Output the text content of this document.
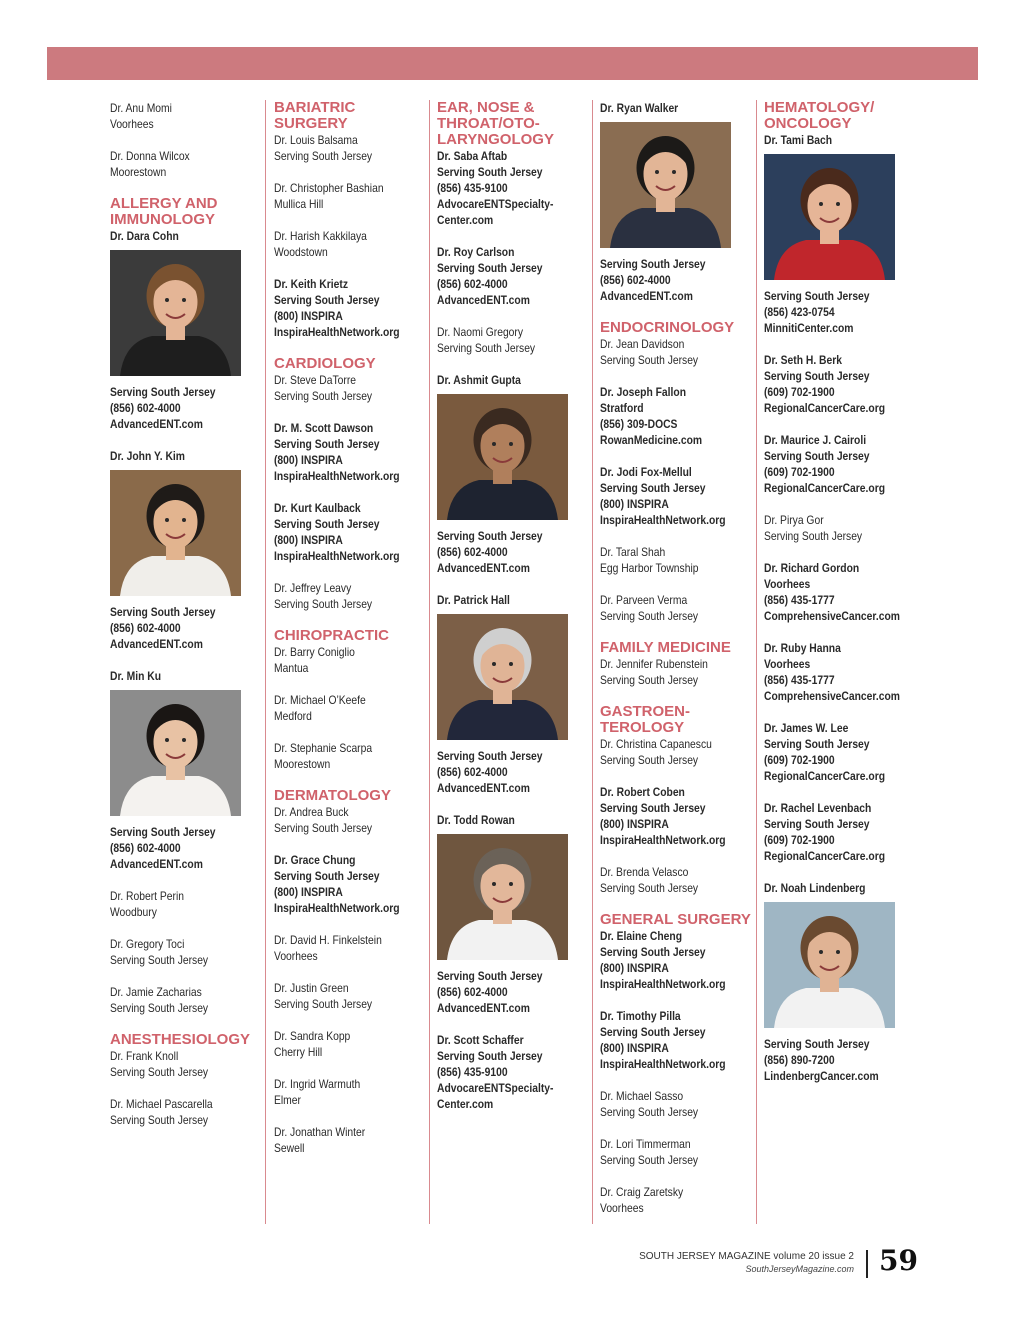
Dr. Anu Momi
Voorhees
Dr. Donna Wilcox
Moorestown
ALLERGY AND
IMMUNOLOGY
Dr. Dara Cohn
Serving South Jersey
(856) 602-4000
AdvancedENT.com
Dr. John Y. Kim
Serving South Jersey
(856) 602-4000
AdvancedENT.com
Dr. Min Ku
Serving South Jersey
(856) 602-4000
AdvancedENT.com
Dr. Robert Perin
Woodbury
Dr. Gregory Toci
Serving South Jersey
Dr. Jamie Zacharias
Serving South Jersey
ANESTHESIOLOGY
Dr. Frank Knoll
Serving South Jersey
Dr. Michael Pascarella
Serving South Jersey
BARIATRIC
SURGERY
Dr. Louis Balsama
Serving South Jersey
Dr. Christopher Bashian
Mullica Hill
Dr. Harish Kakkilaya
Woodstown
Dr. Keith Krietz
Serving South Jersey
(800) INSPIRA
InspiraHealthNetwork.org
CARDIOLOGY
Dr. Steve DaTorre
Serving South Jersey
Dr. M. Scott Dawson
Serving South Jersey
(800) INSPIRA
InspiraHealthNetwork.org
Dr. Kurt Kaulback
Serving South Jersey
(800) INSPIRA
InspiraHealthNetwork.org
Dr. Jeffrey Leavy
Serving South Jersey
CHIROPRACTIC
Dr. Barry Coniglio
Mantua
Dr. Michael O’Keefe
Medford
Dr. Stephanie Scarpa
Moorestown
DERMATOLOGY
Dr. Andrea Buck
Serving South Jersey
Dr. Grace Chung
Serving South Jersey
(800) INSPIRA
InspiraHealthNetwork.org
Dr. David H. Finkelstein
Voorhees
Dr. Justin Green
Serving South Jersey
Dr. Sandra Kopp
Cherry Hill
Dr. Ingrid Warmuth
Elmer
Dr. Jonathan Winter
Sewell
EAR, NOSE &
THROAT/OTO-
LARYNGOLOGY
Dr. Saba Aftab
Serving South Jersey
(856) 435-9100
AdvocareENTSpecialty-
Center.com
Dr. Roy Carlson
Serving South Jersey
(856) 602-4000
AdvancedENT.com
Dr. Naomi Gregory
Serving South Jersey
Dr. Ashmit Gupta
Serving South Jersey
(856) 602-4000
AdvancedENT.com
Dr. Patrick Hall
Serving South Jersey
(856) 602-4000
AdvancedENT.com
Dr. Todd Rowan
Serving South Jersey
(856) 602-4000
AdvancedENT.com
Dr. Scott Schaffer
Serving South Jersey
(856) 435-9100
AdvocareENTSpecialty-
Center.com
Dr. Ryan Walker
Serving South Jersey
(856) 602-4000
AdvancedENT.com
ENDOCRINOLOGY
Dr. Jean Davidson
Serving South Jersey
Dr. Joseph Fallon
Stratford
(856) 309-DOCS
RowanMedicine.com
Dr. Jodi Fox-Mellul
Serving South Jersey
(800) INSPIRA
InspiraHealthNetwork.org
Dr. Taral Shah
Egg Harbor Township
Dr. Parveen Verma
Serving South Jersey
FAMILY MEDICINE
Dr. Jennifer Rubenstein
Serving South Jersey
GASTROEN-
TEROLOGY
Dr. Christina Capanescu
Serving South Jersey
Dr. Robert Coben
Serving South Jersey
(800) INSPIRA
InspiraHealthNetwork.org
Dr. Brenda Velasco
Serving South Jersey
GENERAL SURGERY
Dr. Elaine Cheng
Serving South Jersey
(800) INSPIRA
InspiraHealthNetwork.org
Dr. Timothy Pilla
Serving South Jersey
(800) INSPIRA
InspiraHealthNetwork.org
Dr. Michael Sasso
Serving South Jersey
Dr. Lori Timmerman
Serving South Jersey
Dr. Craig Zaretsky
Voorhees
HEMATOLOGY/
ONCOLOGY
Dr. Tami Bach
Serving South Jersey
(856) 423-0754
MinnitiCenter.com
Dr. Seth H. Berk
Serving South Jersey
(609) 702-1900
RegionalCancerCare.org
Dr. Maurice J. Cairoli
Serving South Jersey
(609) 702-1900
RegionalCancerCare.org
Dr. Pirya Gor
Serving South Jersey
Dr. Richard Gordon
Voorhees
(856) 435-1777
ComprehensiveCancer.com
Dr. Ruby Hanna
Voorhees
(856) 435-1777
ComprehensiveCancer.com
Dr. James W. Lee
Serving South Jersey
(609) 702-1900
RegionalCancerCare.org
Dr. Rachel Levenbach
Serving South Jersey
(609) 702-1900
RegionalCancerCare.org
Dr. Noah Lindenberg
Serving South Jersey
(856) 890-7200
LindenbergCancer.com
SOUTH JERSEY MAGAZINE volume 20 issue 2
SouthJerseyMagazine.com 59
